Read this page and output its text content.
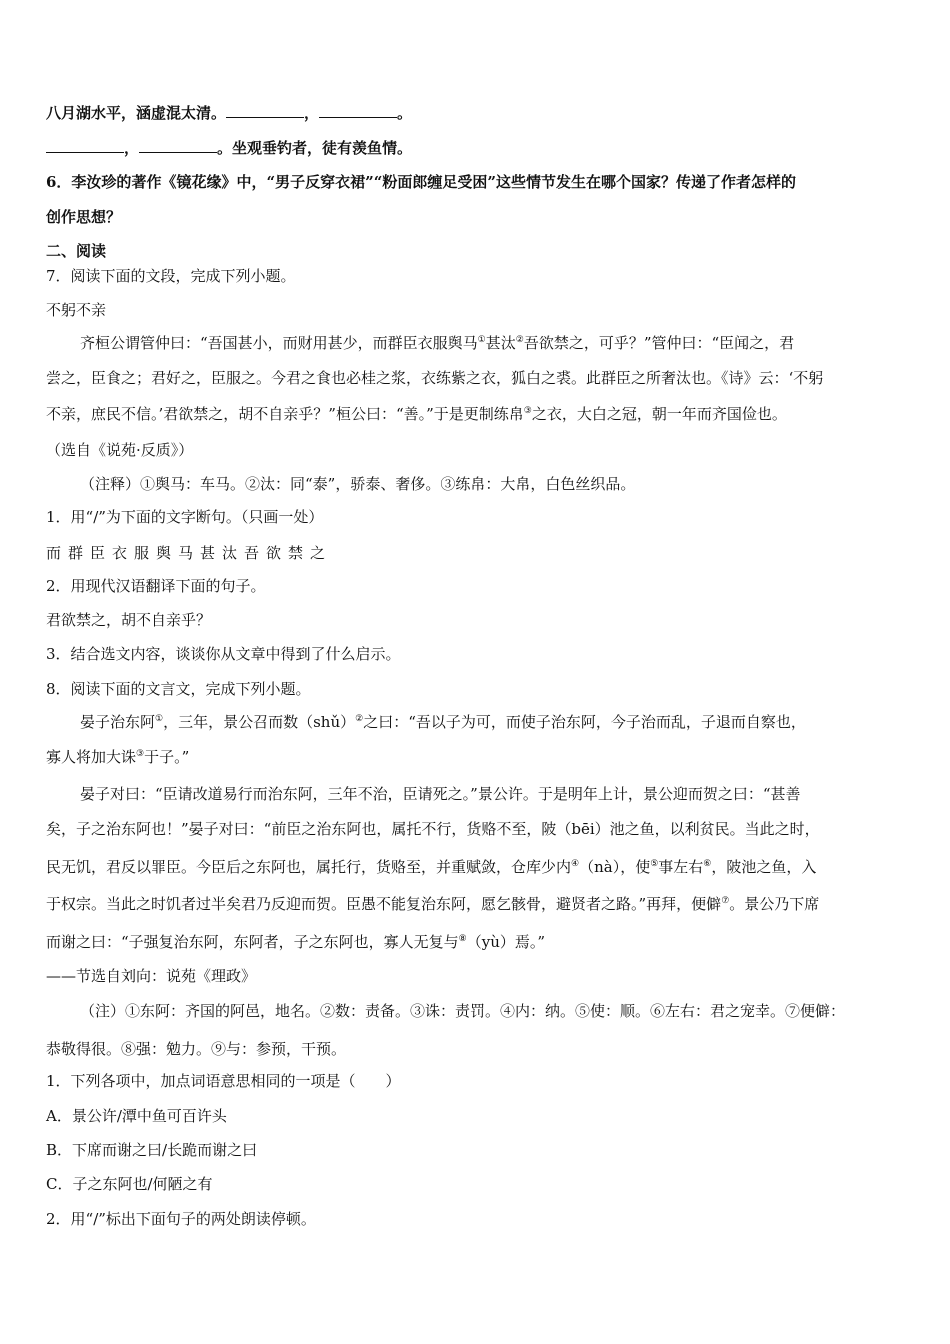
八月湖水平，涵虚混太清。	，	。
，	。坐观垂钓者，徒有羡鱼情。
6．李汝珍的著作《镜花缘》中，“男子反穿衣裙”“粉面郎缠足受困”这些情节发生在哪个国家？传递了作者怎样的
创作思想？
二、阅读
7．阅读下面的文段，完成下列小题。
不躬不亲
齐桓公谓管仲曰：“吾国甚小，而财用甚少，而群臣衣服舆马①甚汰②吾欲禁之，可乎？”管仲曰：“臣闻之，君
尝之，臣食之；君好之，臣服之。今君之食也必桂之浆，衣练紫之衣，狐白之裘。此群臣之所奢汰也。《诗》云：‘不躬
不亲，庶民不信。’君欲禁之，胡不自亲乎？”桓公曰：“善。”于是更制练帛③之衣，大白之冠，朝一年而齐国俭也。
（选自《说苑·反质》）
（注释）①舆马：车马。②汰：同“泰”，骄泰、奢侈。③练帛：大帛，白色丝织品。
1．用“/”为下面的文字断句。（只画一处）
而群臣衣服舆马甚汰吾欲禁之
2．用现代汉语翻译下面的句子。
君欲禁之，胡不自亲乎？
3．结合选文内容，谈谈你从文章中得到了什么启示。
8．阅读下面的文言文，完成下列小题。
晏子治东阿①，三年，景公召而数（shǔ）②之曰：“吾以子为可，而使子治东阿，今子治而乱，子退而自察也，
寡人将加大诛③于子。”
晏子对曰：“臣请改道易行而治东阿，三年不治，臣请死之。”景公许。于是明年上计，景公迎而贺之曰：“甚善
矣，子之治东阿也！”晏子对曰：“前臣之治东阿也，属托不行，货赂不至，陂（bēi）池之鱼，以利贫民。当此之时，
民无饥，君反以罪臣。今臣后之东阿也，属托行，货赂至，并重赋敛，仓库少内④（nà），使⑤事左右⑥，陂池之鱼，入
于权宗。当此之时饥者过半矣君乃反迎而贺。臣愚不能复治东阿，愿乞骸骨，避贤者之路。”再拜，便僻⑦。景公乃下席
而谢之曰：“子强复治东阿，东阿者，子之东阿也，寡人无复与⑧（yù）焉。”
——节选自刘向：说苑《理政》
（注）①东阿：齐国的阿邑，地名。②数：责备。③诛：责罚。④内：纳。⑤使：顺。⑥左右：君之宠幸。⑦便僻：
恭敬得很。⑧强：勉力。⑨与：参预，干预。
1．下列各项中，加点词语意思相同的一项是（　　）
A．景公许/潭中鱼可百许头
B．下席而谢之曰/长跪而谢之曰
C．子之东阿也/何陋之有
2．用“/”标出下面句子的两处朗读停顿。
